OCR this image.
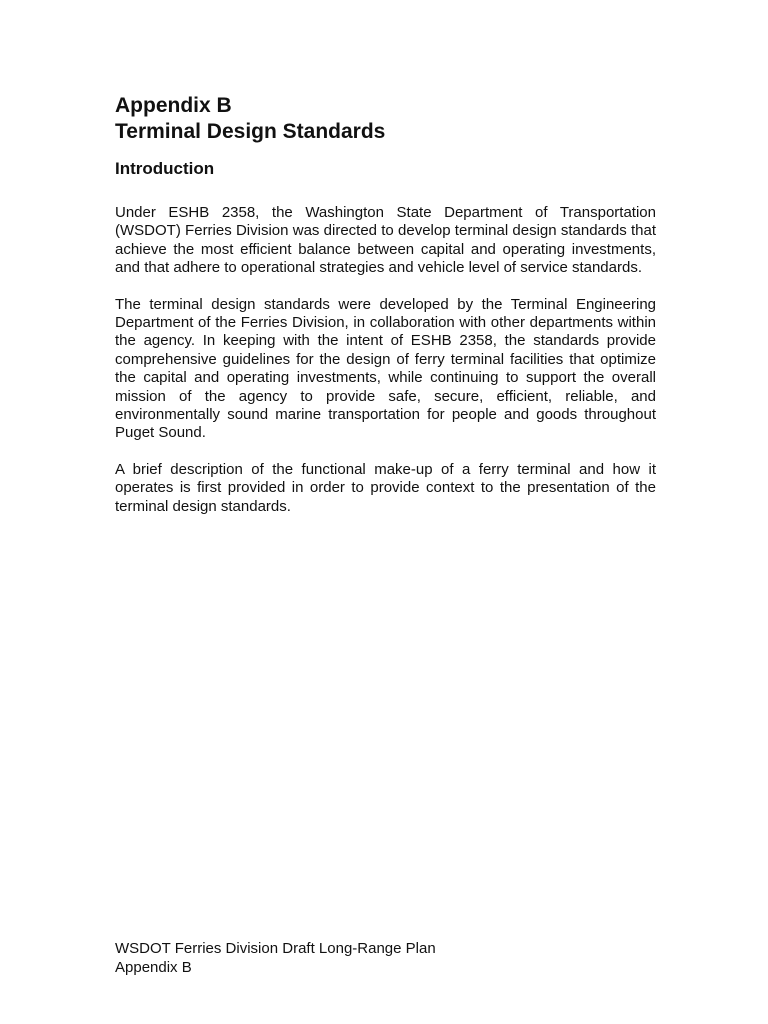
Appendix B
Terminal Design Standards
Introduction

Under ESHB 2358, the Washington State Department of Transportation (WSDOT) Ferries Division was directed to develop terminal design standards that achieve the most efficient balance between capital and operating investments, and that adhere to operational strategies and vehicle level of service standards.

The terminal design standards were developed by the Terminal Engineering Department of the Ferries Division, in collaboration with other departments within the agency. In keeping with the intent of ESHB 2358, the standards provide comprehensive guidelines for the design of ferry terminal facilities that optimize the capital and operating investments, while continuing to support the overall mission of the agency to provide safe, secure, efficient, reliable, and environmentally sound marine transportation for people and goods throughout Puget Sound.

A brief description of the functional make-up of a ferry terminal and how it operates is first provided in order to provide context to the presentation of the terminal design standards.

WSDOT Ferries Division Draft Long-Range Plan
Appendix B
